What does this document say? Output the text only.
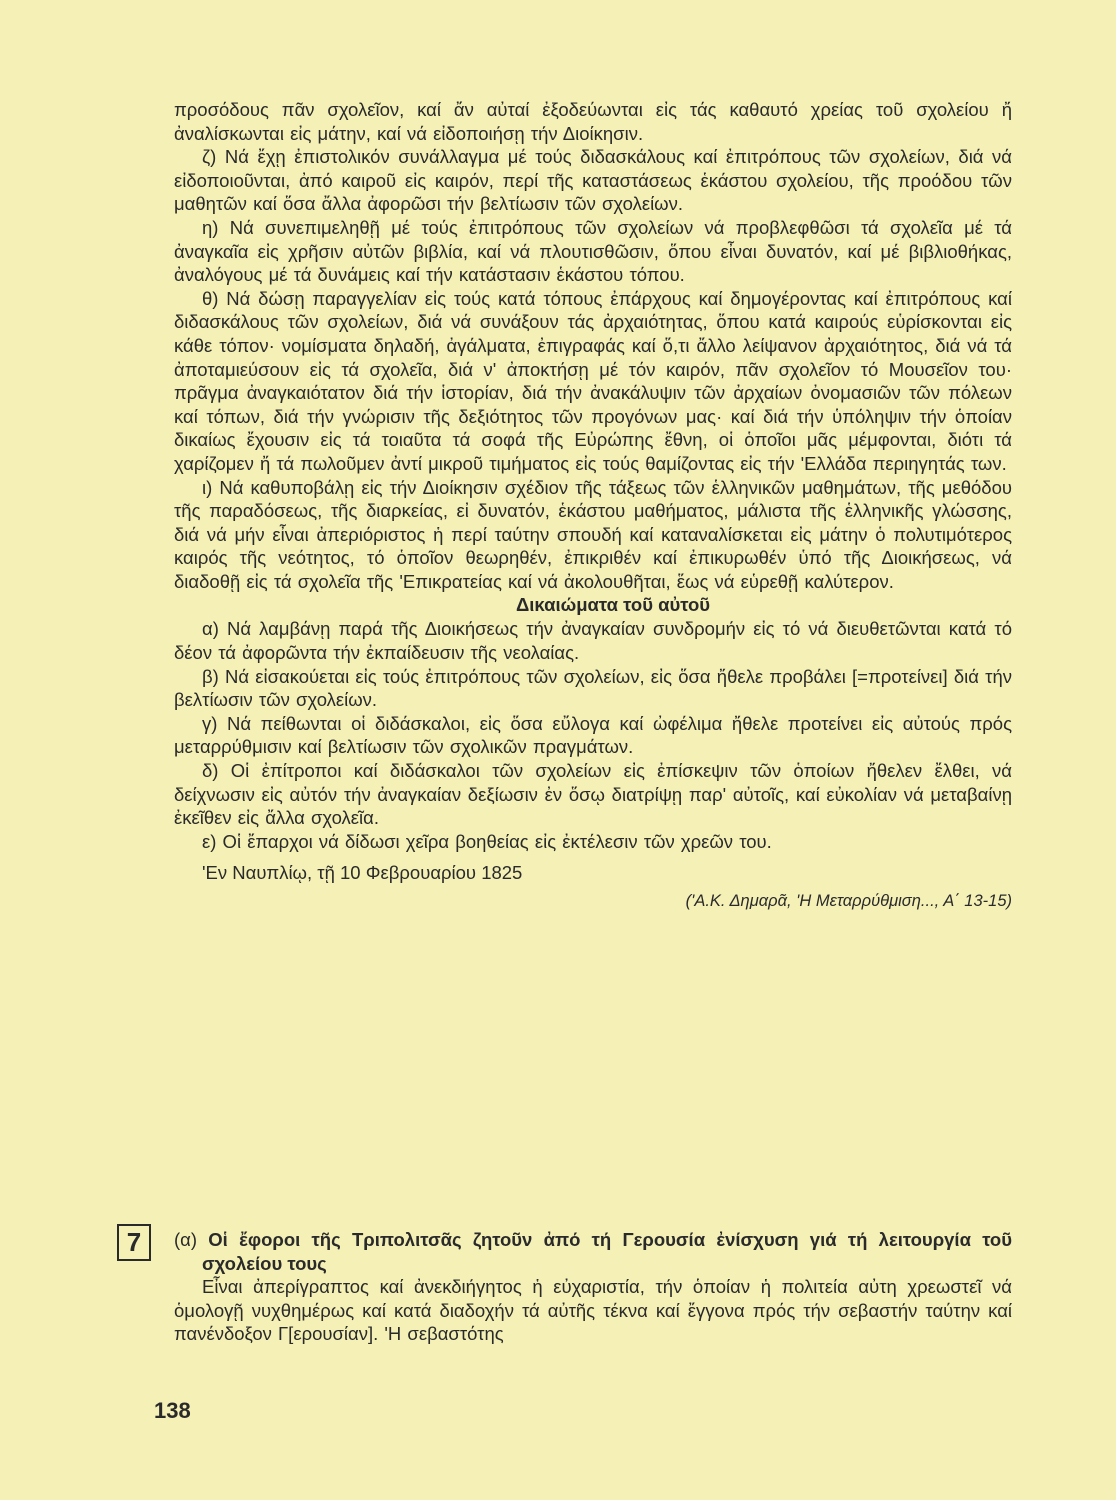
προσόδους πᾶν σχολεῖον, καί ἄν αὐταί ἐξοδεύωνται εἰς τάς καθαυτό χρείας τοῦ σχολείου ἤ ἀναλίσκωνται εἰς μάτην, καί νά εἰδοποιήσῃ τήν Διοίκησιν.

ζ) Νά ἔχῃ ἐπιστολικόν συνάλλαγμα μέ τούς διδασκάλους καί ἐπιτρόπους τῶν σχολείων, διά νά εἰδοποιοῦνται, ἀπό καιροῦ εἰς καιρόν, περί τῆς καταστάσεως ἑκάστου σχολείου, τῆς προόδου τῶν μαθητῶν καί ὅσα ἄλλα ἀφορῶσι τήν βελτίωσιν τῶν σχολείων.

η) Νά συνεπιμεληθῇ μέ τούς ἐπιτρόπους τῶν σχολείων νά προβλεφθῶσι τά σχολεῖα μέ τά ἀναγκαῖα εἰς χρῆσιν αὐτῶν βιβλία, καί νά πλουτισθῶσιν, ὅπου εἶναι δυνατόν, καί μέ βιβλιοθήκας, ἀναλόγους μέ τά δυνάμεις καί τήν κατάστασιν ἑκάστου τόπου.

θ) Νά δώσῃ παραγγελίαν εἰς τούς κατά τόπους ἐπάρχους καί δημογέροντας καί ἐπιτρόπους καί διδασκάλους τῶν σχολείων, διά νά συνάξουν τάς ἀρχαιότητας, ὅπου κατά καιρούς εὑρίσκονται εἰς κάθε τόπον· νομίσματα δηλαδή, ἀγάλματα, ἐπιγραφάς καί ὅ,τι ἄλλο λείψανον ἀρχαιότητος, διά νά τά ἀποταμιεύσουν εἰς τά σχολεῖα, διά ν' ἀποκτήσῃ μέ τόν καιρόν, πᾶν σχολεῖον τό Μουσεῖον του· πρᾶγμα ἀναγκαιότατον διά τήν ἱστορίαν, διά τήν ἀνακάλυψιν τῶν ἀρχαίων ὀνομασιῶν τῶν πόλεων καί τόπων, διά τήν γνώρισιν τῆς δεξιότητος τῶν προγόνων μας· καί διά τήν ὑπόληψιν τήν ὁποίαν δικαίως ἔχουσιν εἰς τά τοιαῦτα τά σοφά τῆς Εὐρώπης ἔθνη, οἱ ὁποῖοι μᾶς μέμφονται, διότι τά χαρίζομεν ἤ τά πωλοῦμεν ἀντί μικροῦ τιμήματος εἰς τούς θαμίζοντας εἰς τήν 'Ελλάδα περιηγητάς των.

ι) Νά καθυποβάλῃ εἰς τήν Διοίκησιν σχέδιον τῆς τάξεως τῶν ἑλληνικῶν μαθημάτων, τῆς μεθόδου τῆς παραδόσεως, τῆς διαρκείας, εἰ δυνατόν, ἑκάστου μαθήματος, μάλιστα τῆς ἑλληνικῆς γλώσσης, διά νά μήν εἶναι ἀπεριόριστος ἡ περί ταύτην σπουδή καί καταναλίσκεται εἰς μάτην ὁ πολυτιμότερος καιρός τῆς νεότητος, τό ὁποῖον θεωρηθέν, ἐπικριθέν καί ἐπικυρωθέν ὑπό τῆς Διοικήσεως, νά διαδοθῇ εἰς τά σχολεῖα τῆς 'Επικρατείας καί νά ἀκολουθῆται, ἕως νά εὑρεθῇ καλύτερον.

Δικαιώματα τοῦ αὐτοῦ

α) Νά λαμβάνῃ παρά τῆς Διοικήσεως τήν ἀναγκαίαν συνδρομήν εἰς τό νά διευθετῶνται κατά τό δέον τά ἀφορῶντα τήν ἐκπαίδευσιν τῆς νεολαίας.

β) Νά εἰσακούεται εἰς τούς ἐπιτρόπους τῶν σχολείων, εἰς ὅσα ἤθελε προβάλει [=προτείνει] διά τήν βελτίωσιν τῶν σχολείων.

γ) Νά πείθωνται οἱ διδάσκαλοι, εἰς ὅσα εὔλογα καί ὠφέλιμα ἤθελε προτείνει εἰς αὐτούς πρός μεταρρύθμισιν καί βελτίωσιν τῶν σχολικῶν πραγμάτων.

δ) Οἱ ἐπίτροποι καί διδάσκαλοι τῶν σχολείων εἰς ἐπίσκεψιν τῶν ὁποίων ἤθελεν ἔλθει, νά δείχνωσιν εἰς αὐτόν τήν ἀναγκαίαν δεξίωσιν ἐν ὅσῳ διατρίψῃ παρ' αὐτοῖς, καί εὐκολίαν νά μεταβαίνῃ ἐκεῖθεν εἰς ἄλλα σχολεῖα.

ε) Οἱ ἔπαρχοι νά δίδωσι χεῖρα βοηθείας εἰς ἐκτέλεσιν τῶν χρεῶν του.

'Εν Ναυπλίῳ, τῇ 10 Φεβρουαρίου 1825

('Α.Κ. Δημαρᾶ, 'Η Μεταρρύθμιση..., Α΄ 13-15)

7	(α) Οἱ ἔφοροι τῆς Τριπολιτσᾶς ζητοῦν ἀπό τή Γερουσία ἐνίσχυση γιά τή λειτουργία τοῦ σχολείου τους

Εἶναι ἀπερίγραπτος καί ἀνεκδιήγητος ἡ εὐχαριστία, τήν ὁποίαν ἡ πολιτεία αὐτη χρεωστεῖ νά ὁμολογῇ νυχθημέρως καί κατά διαδοχήν τά αὐτῆς τέκνα καί ἔγγονα πρός τήν σεβαστήν ταύτην καί πανένδοξον Γ[ερουσίαν]. 'Η σεβαστότης

138
